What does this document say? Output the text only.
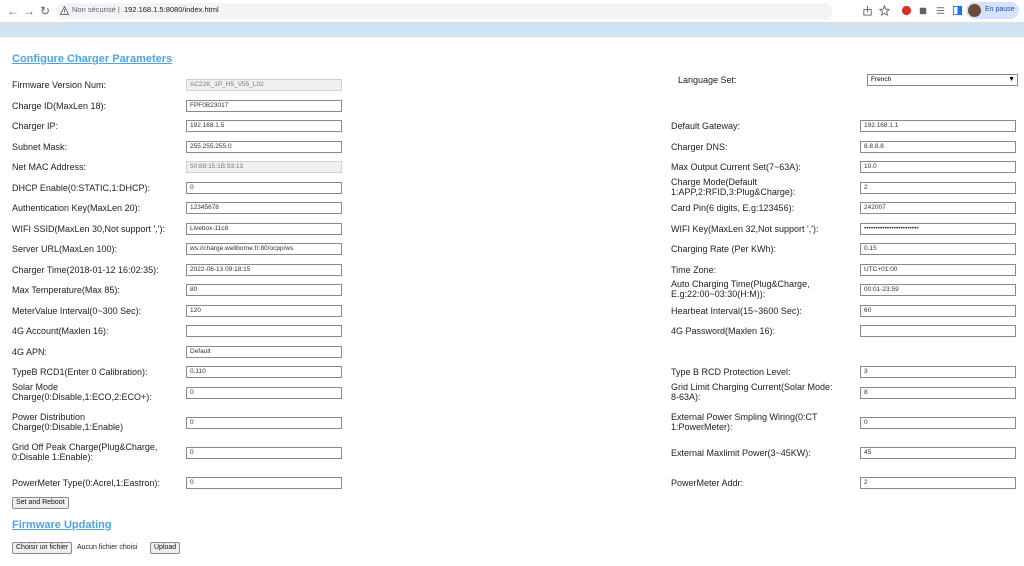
← → ↻	Non sécurisé |  192.168.1.5:8080/index.html	En pause
Configure Charger Parameters
Language Set:	French	▼
Set and Reboot
Firmware Updating
Choisir un fichier	Aucun fichier choisi	Upload
Firmware Version Num:	AC22K_1P_H5_V55_L02
Charge ID(MaxLen 18):	FPF0B23017
Charger IP:	192.168.1.5
Subnet Mask:	255.255.255.0
Net MAC Address:	50:88:15:1B:93:13
DHCP Enable(0:STATIC,1:DHCP):	0
Authentication Key(MaxLen 20):	12345678
WIFI SSID(MaxLen 30,Not support ','):	Livebox-11c8
Server URL(MaxLen 100):	ws://charge.wellborne.fr:80/ocpp/ws
Charger Time(2018-01-12 16:02:35):	2022-06-13 09:18:15
Max Temperature(Max 85):	80
MeterValue Interval(0~300 Sec):	120
4G Account(Maxlen 16):
4G APN:	Default
TypeB RCD1(Enter 0 Calibration):	0.110
Solar Mode
Charge(0:Disable,1:ECO,2:ECO+):	0
Power Distribution
Charge(0:Disable,1:Enable)	0
Grid Off Peak Charge(Plug&Charge,
0:Disable 1:Enable):	0
PowerMeter Type(0:Acrel,1:Eastron):	0
Default Gateway:	192.168.1.1
Charger DNS:	8.8.8.8
Max Output Current Set(7~63A):	10.0
Charge Mode(Default
1:APP,2:RFID,3:Plug&Charge):	2
Card Pin(6 digits, E.g:123456):	242007
WIFI Key(MaxLen 32,Not support ','):	••••••••••••••••••••••••
Charging Rate (Per KWh):	0.15
Time Zone:	UTC+01:00
Auto Charging Time(Plug&Charge,
E.g:22:00~03:30(H:M)):	00:01-23:59
Hearbeat Interval(15~3600 Sec):	60
4G Password(Maxlen 16):
Type B RCD Protection Level:	3
Grid Limit Charging Current(Solar Mode:
8-63A):	8
External Power Smpling Wiring(0:CT
1:PowerMeter):	0
External Maxlimit Power(3~45KW):	45
PowerMeter Addr:	2
